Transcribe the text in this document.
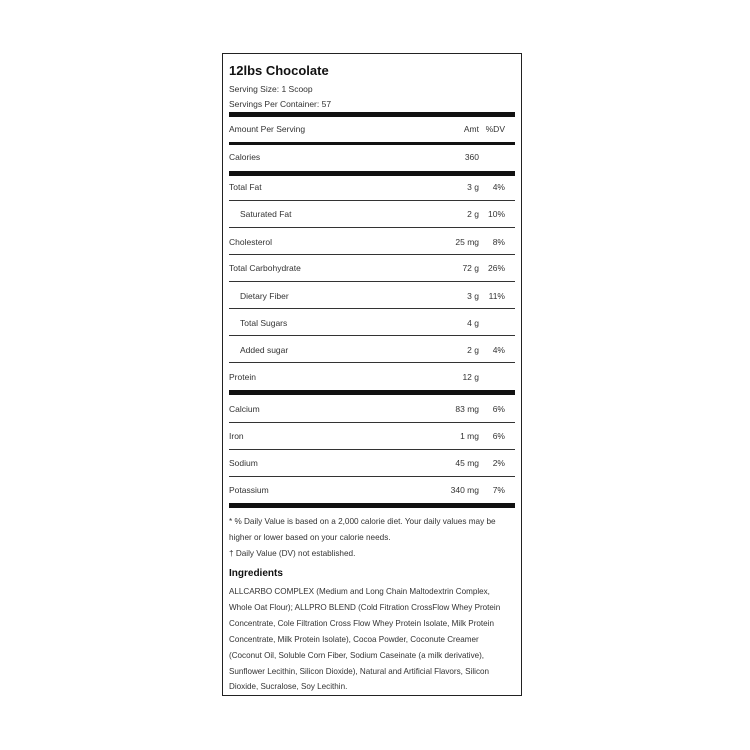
12lbs Chocolate
Serving Size: 1 Scoop
Servings Per Container: 57
Amount Per Serving	Amt %DV
Calories	360
Total Fat	3 g 4%
Saturated Fat	2 g 10%
Cholesterol	25 mg 8%
Total Carbohydrate	72 g 26%
Dietary Fiber	3 g 11%
Total Sugars	4 g
Added sugar	2 g 4%
Protein	12 g
Calcium	83 mg 6%
Iron	1 mg 6%
Sodium	45 mg 2%
Potassium	340 mg 7%
* % Daily Value is based on a 2,000 calorie diet. Your daily values may be higher or lower based on your calorie needs.
† Daily Value (DV) not established.
Ingredients
ALLCARBO COMPLEX (Medium and Long Chain Maltodextrin Complex, Whole Oat Flour); ALLPRO BLEND (Cold Fitration CrossFlow Whey Protein Concentrate, Cole Filtration Cross Flow Whey Protein Isolate, Milk Protein Concentrate, Milk Protein Isolate), Cocoa Powder, Coconute Creamer (Coconut Oil, Soluble Corn Fiber, Sodium Caseinate (a milk derivative), Sunflower Lecithin, Silicon Dioxide), Natural and Artificial Flavors, Silicon Dioxide, Sucralose, Soy Lecithin.
